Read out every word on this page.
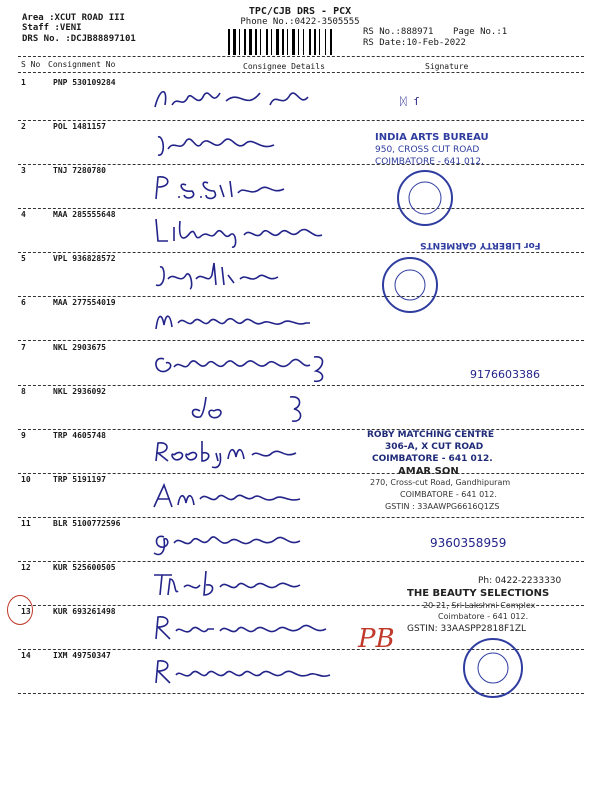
Area :XCUT ROAD III
Staff :VENI
DRS No. :DCJB88897101
TPC/CJB DRS - PCX
Phone No.:0422-3505555
RS No.:888971
RS Date:10-Feb-2022
Page No.:1
S No Consignment No	Consignee Details	Signature
1	PNP 530109284
2	POL 1481157
3	TNJ 7280780
4	MAA 285555648
5	VPL 936828572
6	MAA 277554019
7	NKL 2903675
8	NKL 2936092
9	TRP 4605748
10	TRP 5191197
11	BLR 5100772596
12	KUR 525600505
13	KUR 693261498
14	IXM 49750347
ᛞ ſ
INDIA ARTS BUREAU
950, CROSS CUT ROAD
COIMBATORE - 641 012.
For LIBERTY GARMENTS
9176603386
ROBY MATCHING CENTRE
306-A, X CUT ROAD
COIMBATORE - 641 012.
AMAR SON
270, Cross-cut Road, Gandhipuram
COIMBATORE - 641 012.
GSTIN : 33AAWPG6616Q1ZS
9360358959
Ph: 0422-2233330
THE BEAUTY SELECTIONS
20-21, Sri Lakshmi Complex
Coimbatore - 641 012.
GSTIN: 33AASPP2818F1ZL
PB
